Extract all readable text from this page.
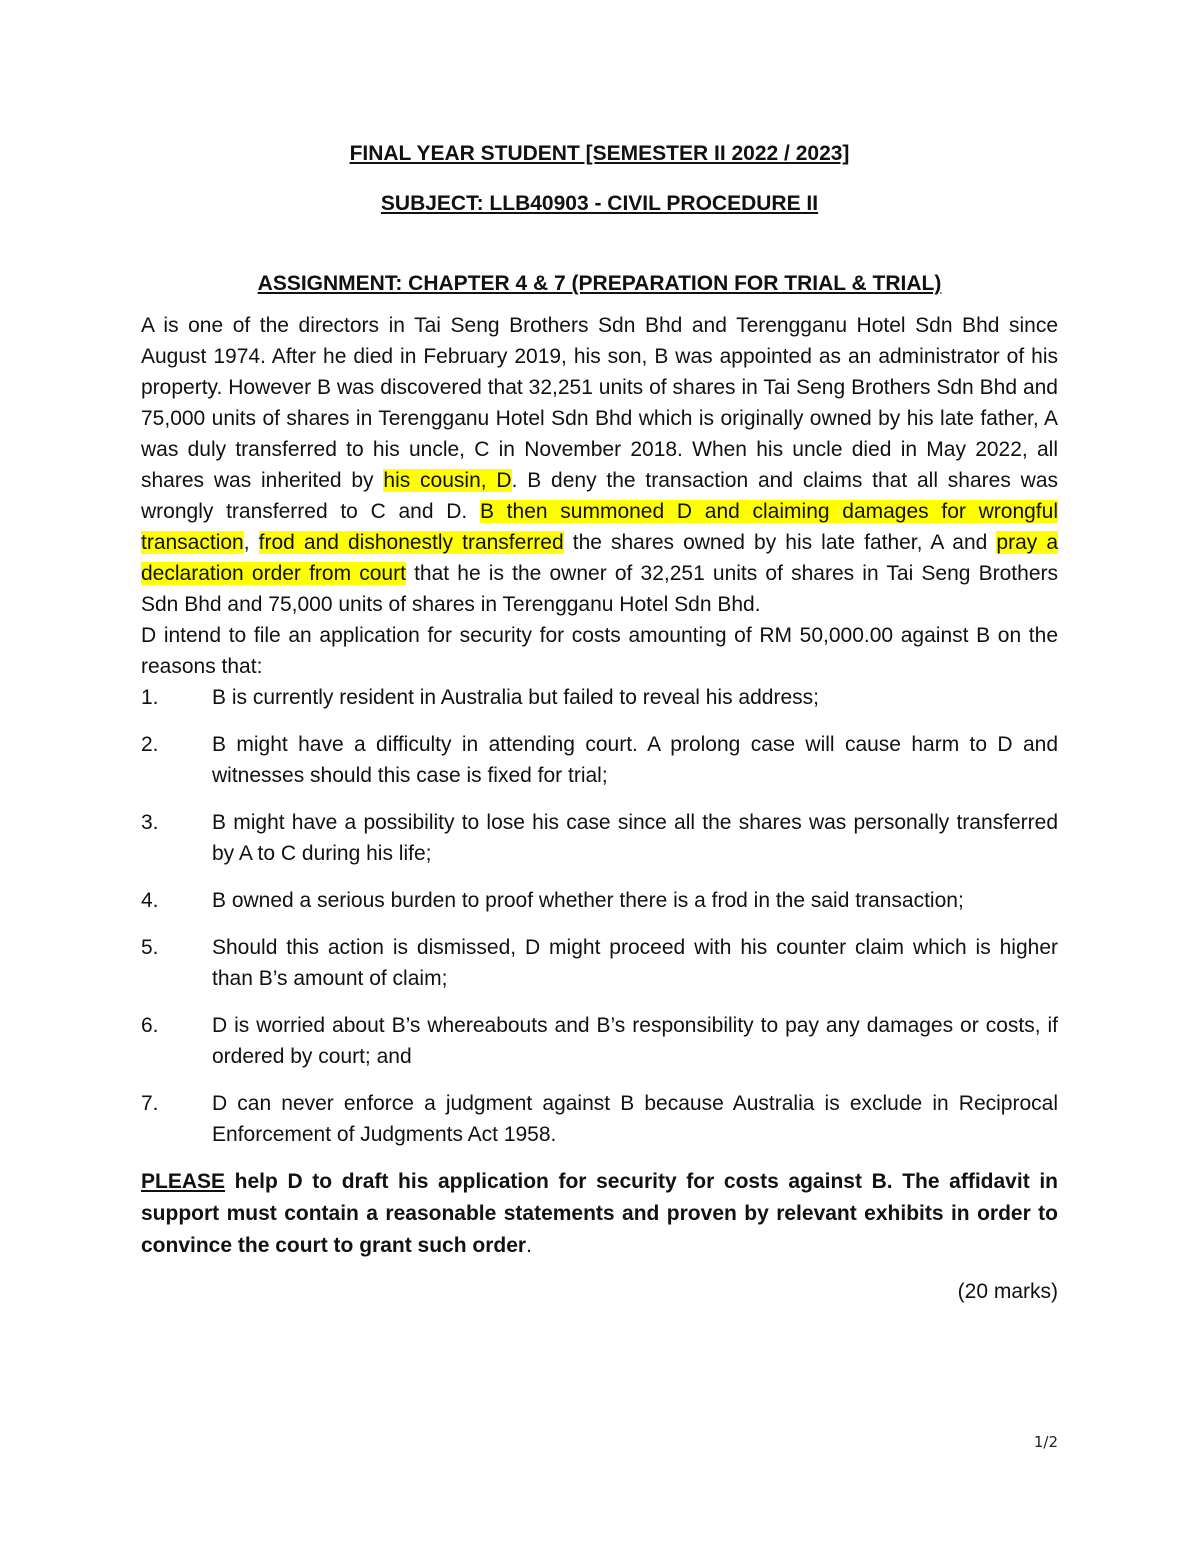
FINAL YEAR STUDENT [SEMESTER II 2022 / 2023]
SUBJECT: LLB40903 - CIVIL PROCEDURE II
ASSIGNMENT: CHAPTER 4 & 7 (PREPARATION FOR TRIAL & TRIAL)

A is one of the directors in Tai Seng Brothers Sdn Bhd and Terengganu Hotel Sdn Bhd since August 1974. After he died in February 2019, his son, B was appointed as an administrator of his property. However B was discovered that 32,251 units of shares in Tai Seng Brothers Sdn Bhd and 75,000 units of shares in Terengganu Hotel Sdn Bhd which is originally owned by his late father, A was duly transferred to his uncle, C in November 2018. When his uncle died in May 2022, all shares was inherited by his cousin, D. B deny the transaction and claims that all shares was wrongly transferred to C and D. B then summoned D and claiming damages for wrongful transaction, frod and dishonestly transferred the shares owned by his late father, A and pray a declaration order from court that he is the owner of 32,251 units of shares in Tai Seng Brothers Sdn Bhd and 75,000 units of shares in Terengganu Hotel Sdn Bhd.

D intend to file an application for security for costs amounting of RM 50,000.00 against B on the reasons that:

1.	B is currently resident in Australia but failed to reveal his address;
2.	B might have a difficulty in attending court. A prolong case will cause harm to D and witnesses should this case is fixed for trial;
3.	B might have a possibility to lose his case since all the shares was personally transferred by A to C during his life;
4.	B owned a serious burden to proof whether there is a frod in the said transaction;
5.	Should this action is dismissed, D might proceed with his counter claim which is higher than B’s amount of claim;
6.	D is worried about B’s whereabouts and B’s responsibility to pay any damages or costs, if ordered by court; and
7.	D can never enforce a judgment against B because Australia is exclude in Reciprocal Enforcement of Judgments Act 1958.

PLEASE help D to draft his application for security for costs against B. The affidavit in support must contain a reasonable statements and proven by relevant exhibits in order to convince the court to grant such order.

(20 marks)
1/2
